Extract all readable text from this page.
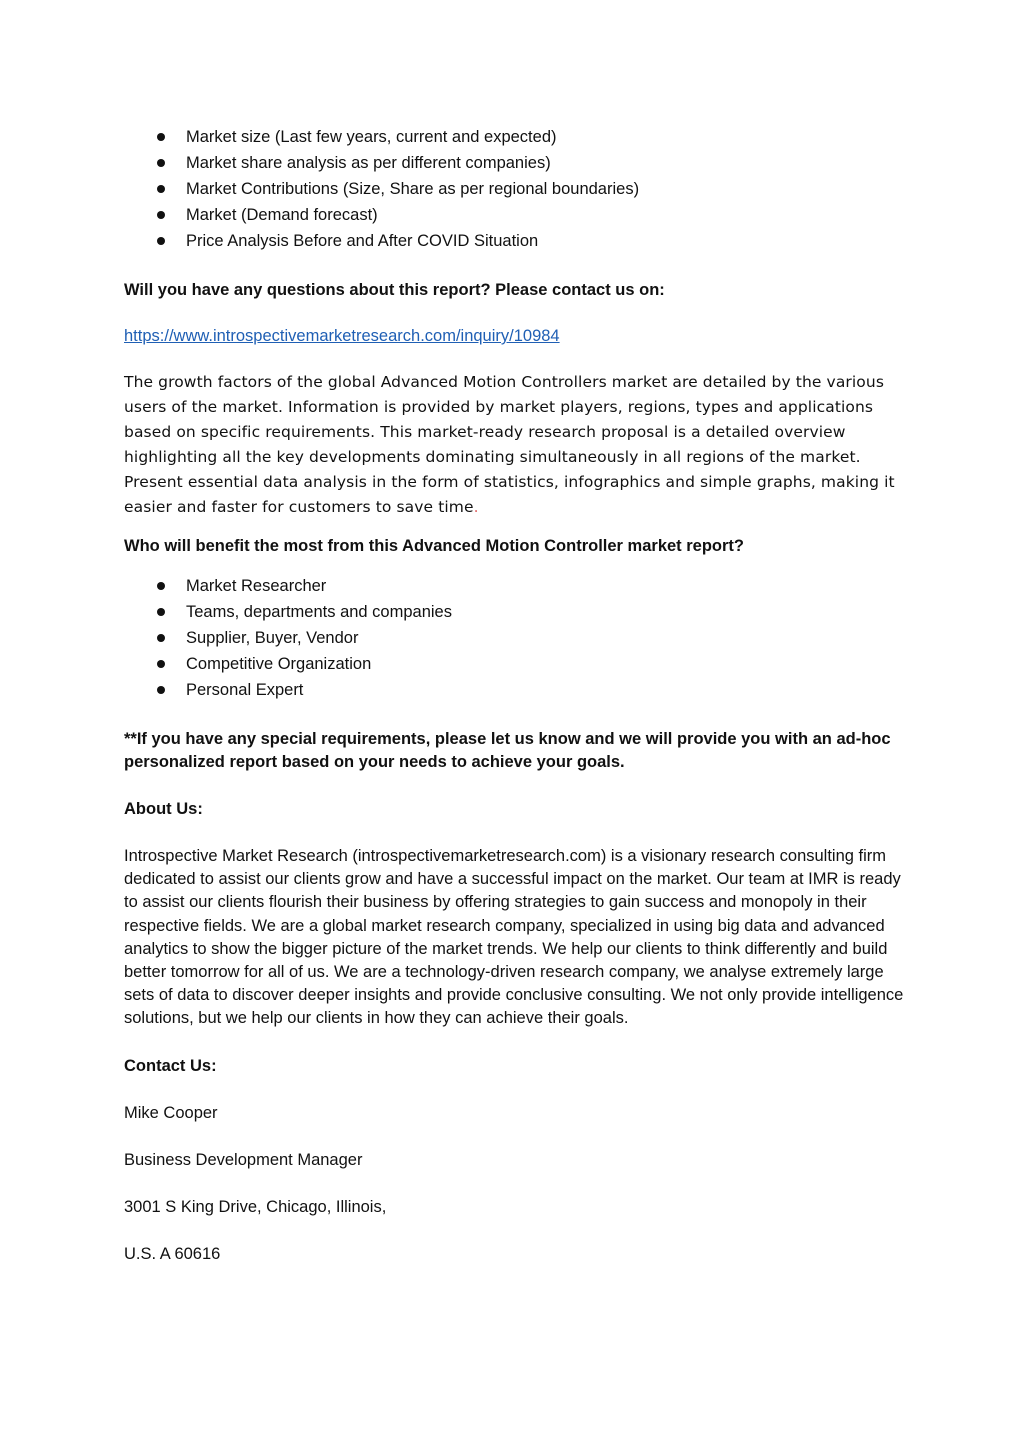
Market size (Last few years, current and expected)
Market share analysis as per different companies)
Market Contributions (Size, Share as per regional boundaries)
Market (Demand forecast)
Price Analysis Before and After COVID Situation

Will you have any questions about this report? Please contact us on:

https://www.introspectivemarketresearch.com/inquiry/10984

The growth factors of the global Advanced Motion Controllers market are detailed by the various users of the market. Information is provided by market players, regions, types and applications based on specific requirements. This market-ready research proposal is a detailed overview highlighting all the key developments dominating simultaneously in all regions of the market. Present essential data analysis in the form of statistics, infographics and simple graphs, making it easier and faster for customers to save time.

Who will benefit the most from this Advanced Motion Controller market report?

Market Researcher
Teams, departments and companies
Supplier, Buyer, Vendor
Competitive Organization
Personal Expert

**If you have any special requirements, please let us know and we will provide you with an ad-hoc personalized report based on your needs to achieve your goals.

About Us:

Introspective Market Research (introspectivemarketresearch.com) is a visionary research consulting firm dedicated to assist our clients grow and have a successful impact on the market. Our team at IMR is ready to assist our clients flourish their business by offering strategies to gain success and monopoly in their respective fields. We are a global market research company, specialized in using big data and advanced analytics to show the bigger picture of the market trends. We help our clients to think differently and build better tomorrow for all of us. We are a technology-driven research company, we analyse extremely large sets of data to discover deeper insights and provide conclusive consulting. We not only provide intelligence solutions, but we help our clients in how they can achieve their goals.

Contact Us:

Mike Cooper

Business Development Manager

3001 S King Drive, Chicago, Illinois,

U.S. A 60616
